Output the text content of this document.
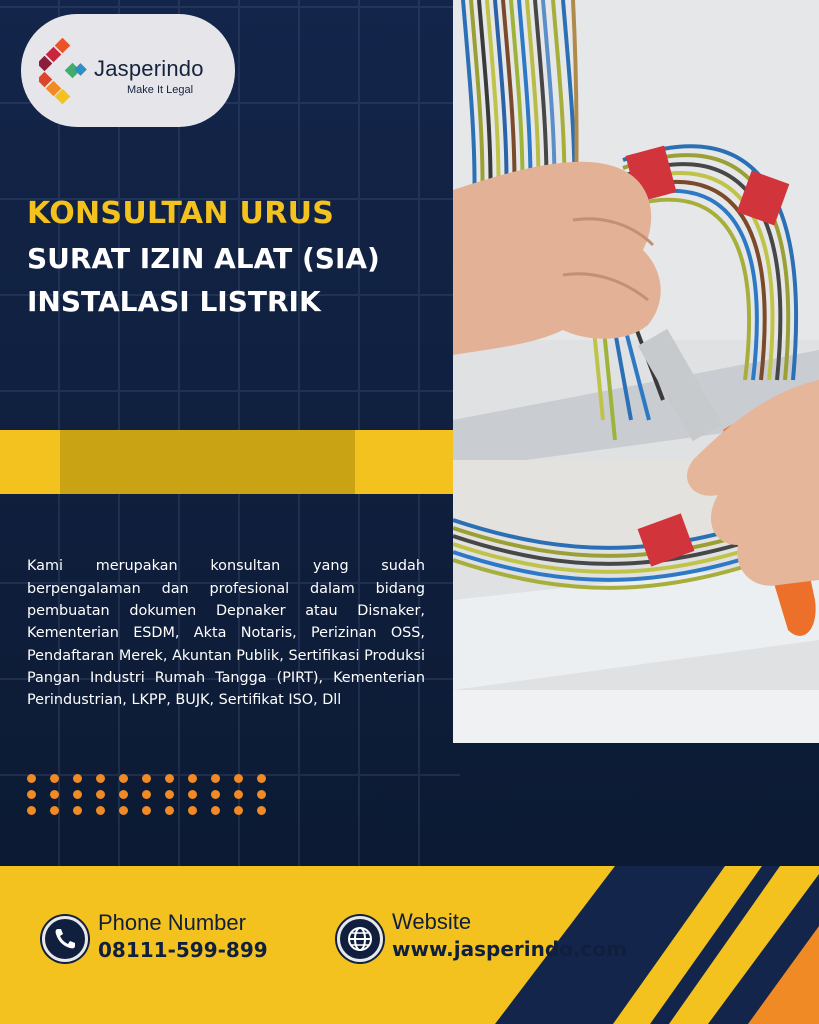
Jasperindo
Make It Legal
KONSULTAN URUS
SURAT IZIN ALAT (SIA)
INSTALASI LISTRIK

Kami merupakan konsultan yang sudah berpengalaman dan profesional dalam bidang pembuatan dokumen Depnaker atau Disnaker, Kementerian ESDM, Akta Notaris, Perizinan OSS, Pendaftaran Merek, Akuntan Publik, Sertifikasi Produksi Pangan Industri Rumah Tangga (PIRT), Kementerian Perindustrian, LKPP, BUJK, Sertifikat ISO, Dll

Phone Number
08111-599-899
Website
www.jasperindo.com
